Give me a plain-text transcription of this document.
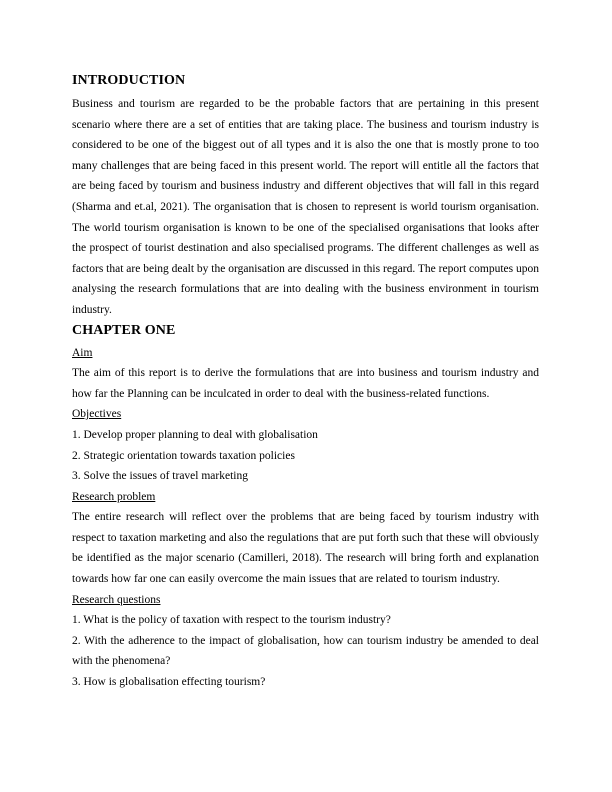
INTRODUCTION

Business and tourism are regarded to be the probable factors that are pertaining in this present scenario where there are a set of entities that are taking place. The business and tourism industry is considered to be one of the biggest out of all types and it is also the one that is mostly prone to too many challenges that are being faced in this present world. The report will entitle all the factors that are being faced by tourism and business industry and different objectives that will fall in this regard (Sharma and et.al, 2021). The organisation that is chosen to represent is world tourism organisation. The world tourism organisation is known to be one of the specialised organisations that looks after the prospect of tourist destination and also specialised programs. The different challenges as well as factors that are being dealt by the organisation are discussed in this regard. The report computes upon analysing the research formulations that are into dealing with the business environment in tourism industry.

CHAPTER ONE

Aim

The aim of this report is to derive the formulations that are into business and tourism industry and how far the Planning can be inculcated in order to deal with the business-related functions.

Objectives

1. Develop proper planning to deal with globalisation

2. Strategic orientation towards taxation policies

3. Solve the issues of travel marketing

Research problem

The entire research will reflect over the problems that are being faced by tourism industry with respect to taxation marketing and also the regulations that are put forth such that these will obviously be identified as the major scenario (Camilleri, 2018). The research will bring forth and explanation towards how far one can easily overcome the main issues that are related to tourism industry.

Research questions

1. What is the policy of taxation with respect to the tourism industry?

2. With the adherence to the impact of globalisation, how can tourism industry be amended to deal with the phenomena?

3. How is globalisation effecting tourism?
